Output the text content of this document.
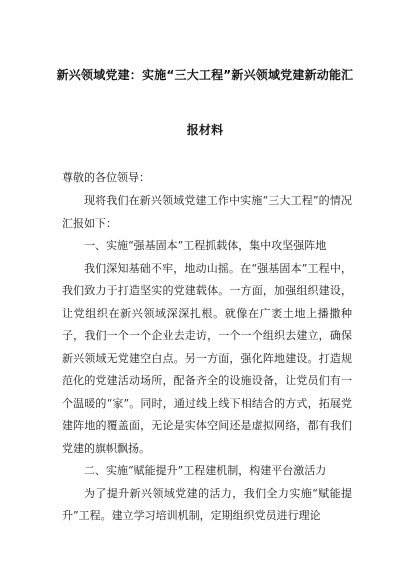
新兴领域党建：实施“三大工程”新兴领域党建新动能汇
报材料
尊敬的各位领导：

现将我们在新兴领域党建工作中实施“三大工程”的情况汇报如下：

一、实施“强基固本”工程抓载体，集中攻坚强阵地

我们深知基础不牢，地动山摇。在“强基固本”工程中，我们致力于打造坚实的党建载体。一方面，加强组织建设，让党组织在新兴领域深深扎根。就像在广袤土地上播撒种子，我们一个一个企业去走访，一个一个组织去建立，确保新兴领域无党建空白点。另一方面，强化阵地建设。打造规范化的党建活动场所，配备齐全的设施设备，让党员们有一个温暖的“家”。同时，通过线上线下相结合的方式，拓展党建阵地的覆盖面，无论是实体空间还是虚拟网络，都有我们党建的旗帜飘扬。

二、实施“赋能提升”工程建机制，构建平台激活力

为了提升新兴领域党建的活力，我们全力实施“赋能提升”工程。建立学习培训机制，定期组织党员进行理论
